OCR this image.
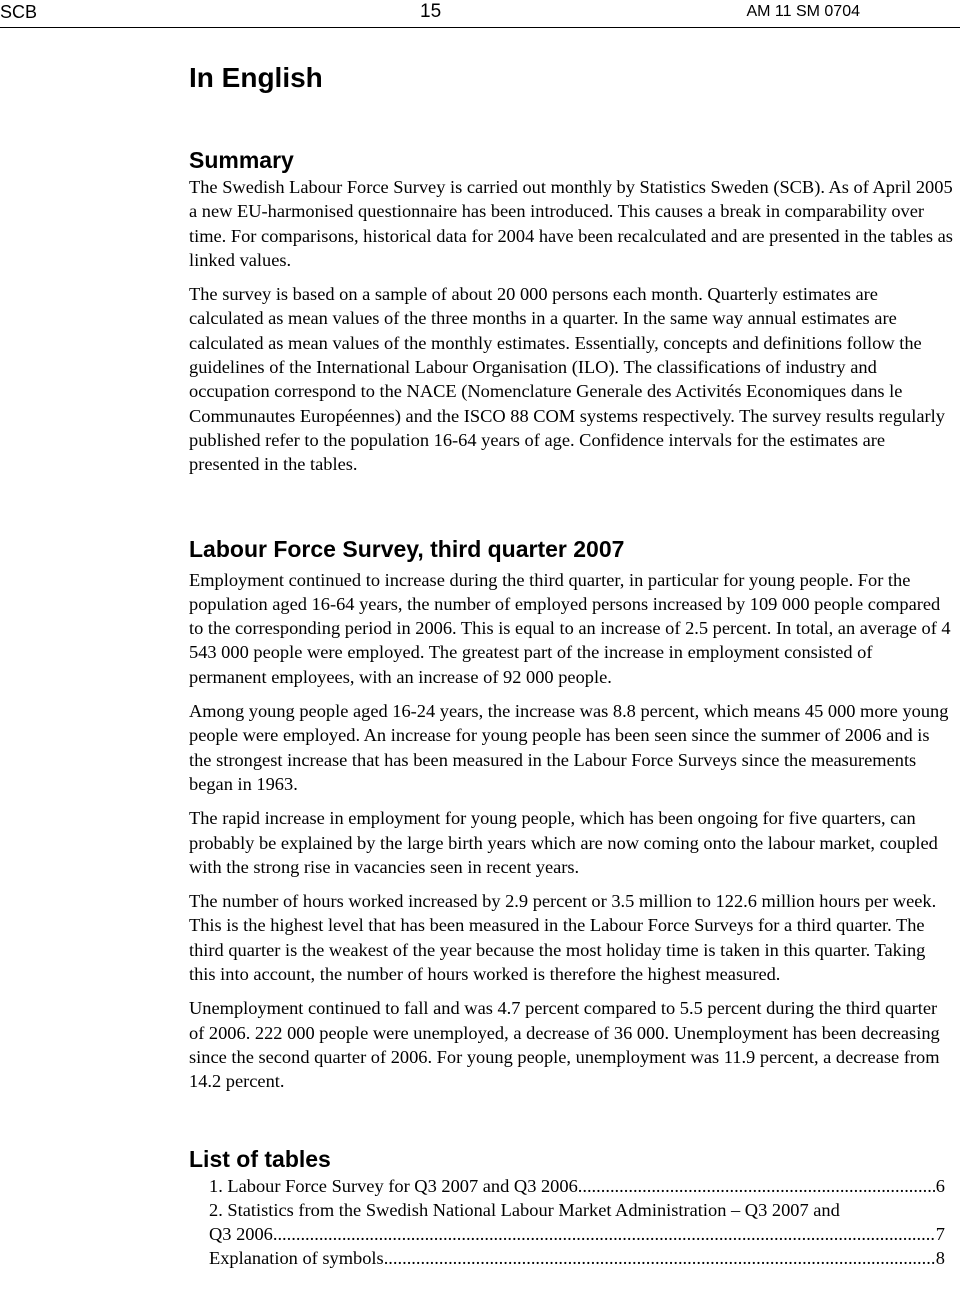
SCB	15	AM 11 SM 0704
In English
Summary

The Swedish Labour Force Survey is carried out monthly by Statistics Sweden (SCB). As of April 2005 a new EU-harmonised questionnaire has been introduced. This causes a break in comparability over time. For comparisons, historical data for 2004 have been recalculated and are presented in the tables as linked values.

The survey is based on a sample of about 20 000 persons each month. Quarterly estimates are calculated as mean values of the three months in a quarter. In the same way annual estimates are calculated as mean values of the monthly estimates. Essentially, concepts and definitions follow the guidelines of the International Labour Organisation (ILO). The classifications of industry and occupation correspond to the NACE (Nomenclature Generale des Activités Economiques dans le Communautes Européennes) and the ISCO 88 COM systems respectively. The survey results regularly published refer to the population 16-64 years of age. Confidence intervals for the estimates are presented in the tables.

Labour Force Survey, third quarter 2007

Employment continued to increase during the third quarter, in particular for young people. For the population aged 16-64 years, the number of employed persons increased by 109 000 people compared to the corresponding period in 2006. This is equal to an increase of 2.5 percent. In total, an average of 4 543 000 people were employed. The greatest part of the increase in employment consisted of permanent employees, with an increase of 92 000 people.

Among young people aged 16-24 years, the increase was 8.8 percent, which means 45 000 more young people were employed. An increase for young people has been seen since the summer of 2006 and is the strongest increase that has been measured in the Labour Force Surveys since the measurements began in 1963.

The rapid increase in employment for young people, which has been ongoing for five quarters, can probably be explained by the large birth years which are now coming onto the labour market, coupled with the strong rise in vacancies seen in recent years.

The number of hours worked increased by 2.9 percent or 3.5 million to 122.6 million hours per week. This is the highest level that has been measured in the Labour Force Surveys for a third quarter. The third quarter is the weakest of the year because the most holiday time is taken in this quarter. Taking this into account, the number of hours worked is therefore the highest measured.

Unemployment continued to fall and was 4.7 percent compared to 5.5 percent during the third quarter of 2006. 222 000 people were unemployed, a decrease of 36 000. Unemployment has been decreasing since the second quarter of 2006. For young people, unemployment was 11.9 percent, a decrease from 14.2 percent.

List of tables
1. Labour Force Survey for Q3 2007 and Q3 2006 .....	6
2. Statistics from the Swedish National Labour Market Administration – Q3 2007 and
Q3 2006 .....	7
Explanation of symbols .....	8
